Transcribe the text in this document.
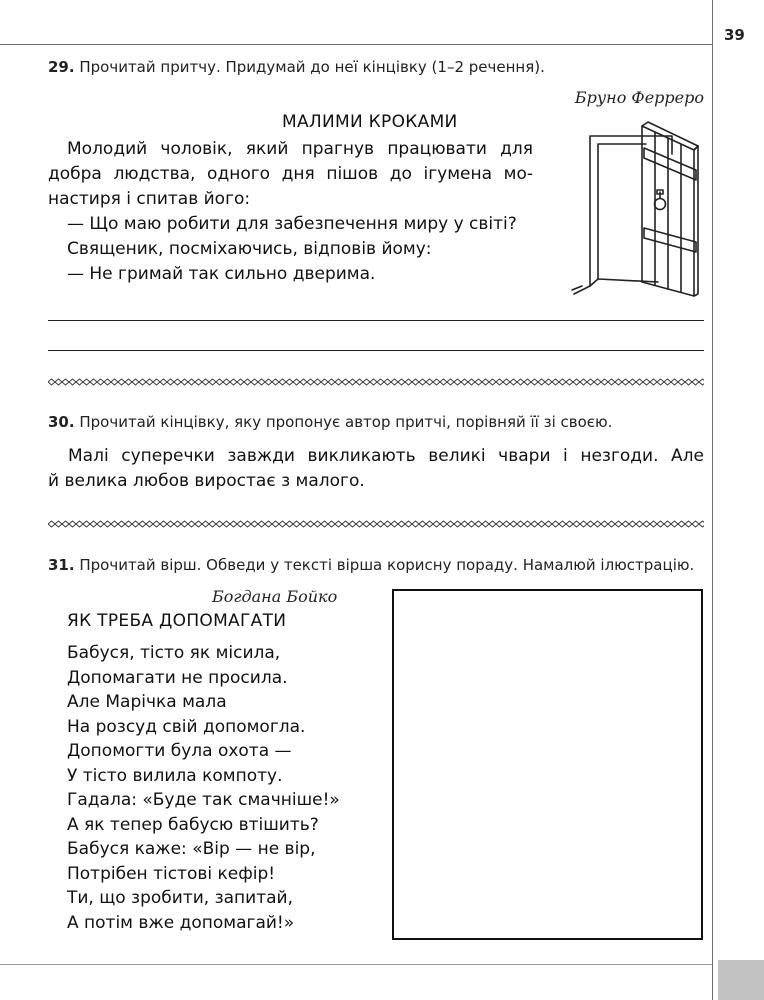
39
29. Прочитай притчу. Придумай до неї кінцівку (1–2 речення).
Бруно Ферреро
МАЛИМИ КРОКАМИ
Молодий чоловік, який прагнув працювати для
добра людства, одного дня пішов до ігумена мо-
настиря і спитав його:
— Що маю робити для забезпечення миру у світі?
Священик, посміхаючись, відповів йому:
— Не гримай так сильно дверима.
30. Прочитай кінцівку, яку пропонує автор притчі, порівняй її зі своєю.
Малі суперечки завжди викликають великі чвари і незгоди. Але
й велика любов виростає з малого.
31. Прочитай вірш. Обведи у тексті вірша корисну пораду. Намалюй ілюстрацію.
Богдана Бойко
ЯК ТРЕБА ДОПОМАГАТИ
Бабуся, тісто як місила,
Допомагати не просила.
Але Марічка мала
На розсуд свій допомогла.
Допомогти була охота —
У тісто вилила компоту.
Гадала: «Буде так смачніше!»
А як тепер бабусю втішить?
Бабуся каже: «Вір — не вір,
Потрібен тістові кефір!
Ти, що зробити, запитай,
А потім вже допомагай!»
